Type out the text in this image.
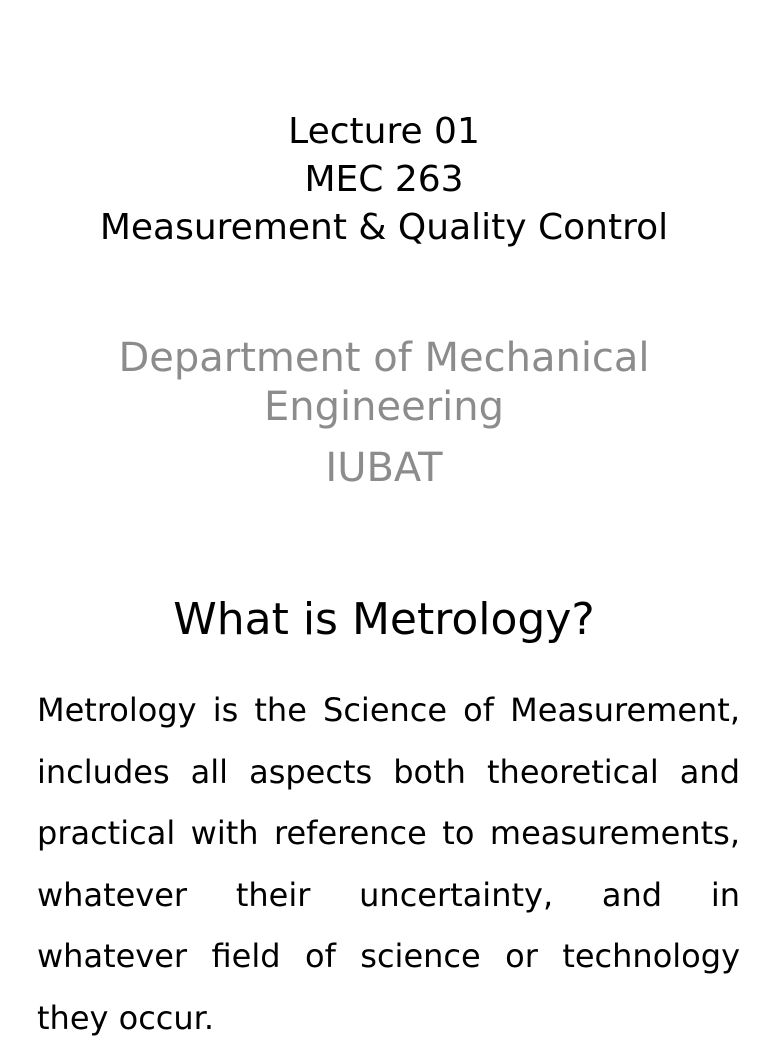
Lecture 01
MEC 263
Measurement & Quality Control
Department of Mechanical Engineering
IUBAT
What is Metrology?

Metrology is the Science of Measurement, includes all aspects both theoretical and practical with reference to measurements, whatever their uncertainty, and in whatever field of science or technology they occur.
